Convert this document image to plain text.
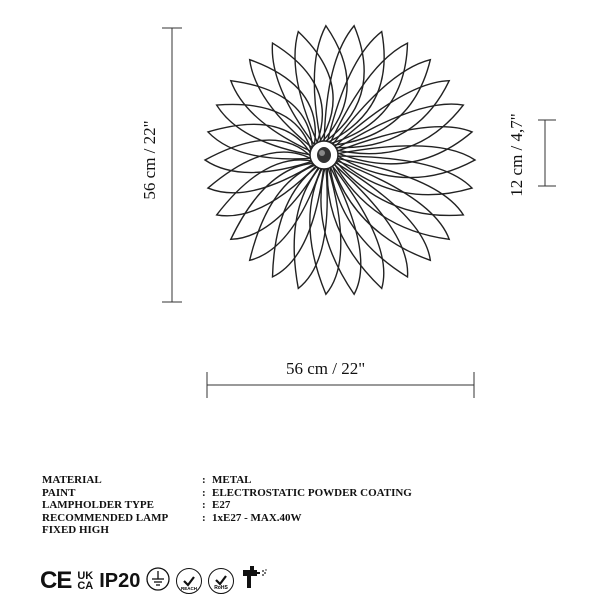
56 cm / 22"
56 cm / 22"
12 cm / 4,7"
MATERIAL	: METAL
PAINT	: ELECTROSTATIC POWDER COATING
LAMPHOLDER TYPE	: E27
RECOMMENDED LAMP	: 1xE27 - MAX.40W
FIXED HIGH
CE UK
CA IP20	REACH	RoHS
